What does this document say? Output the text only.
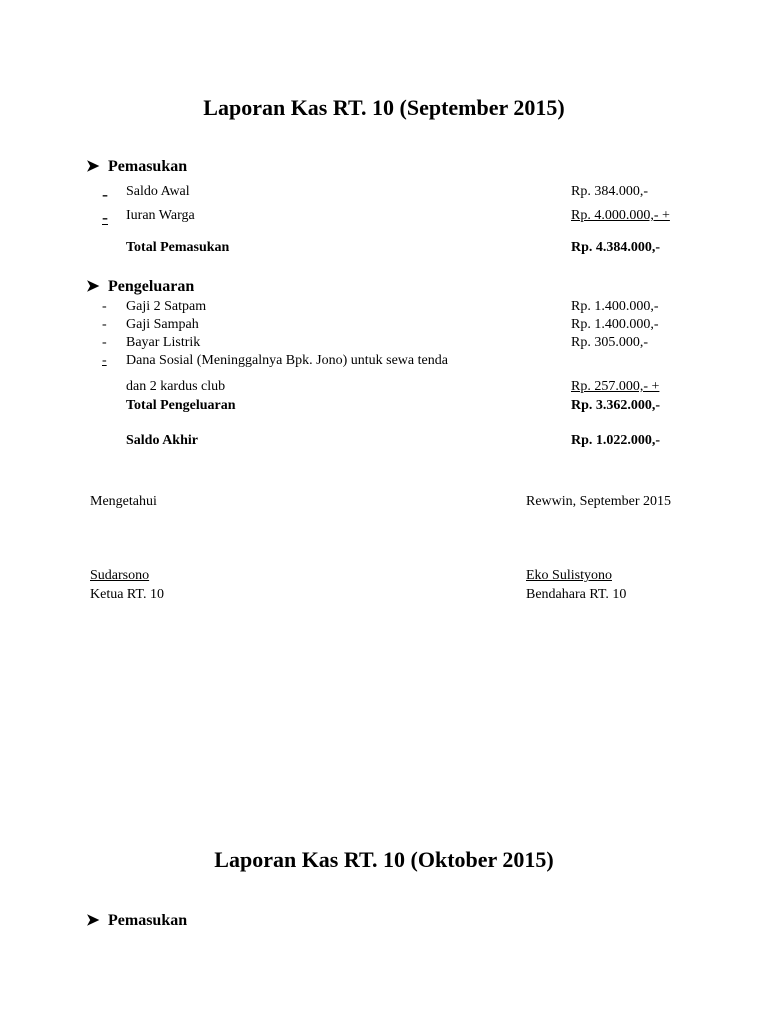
Laporan Kas RT. 10 (September 2015)
➤ Pemasukan
-	Saldo Awal	Rp. 384.000,-
-	Iuran Warga	Rp. 4.000.000,- +
Total Pemasukan	Rp. 4.384.000,-
➤ Pengeluaran
-	Gaji 2 Satpam	Rp. 1.400.000,-
-	Gaji Sampah	Rp. 1.400.000,-
-	Bayar Listrik	Rp. 305.000,-
-	Dana Sosial (Meninggalnya Bpk. Jono) untuk sewa tenda
dan 2 kardus club	Rp. 257.000,- +
Total Pengeluaran	Rp. 3.362.000,-
Saldo Akhir	Rp. 1.022.000,-
Mengetahui	Rewwin, September 2015
Sudarsono	Eko Sulistyono
Ketua RT. 10	Bendahara RT. 10
Laporan Kas RT. 10 (Oktober 2015)
➤ Pemasukan
